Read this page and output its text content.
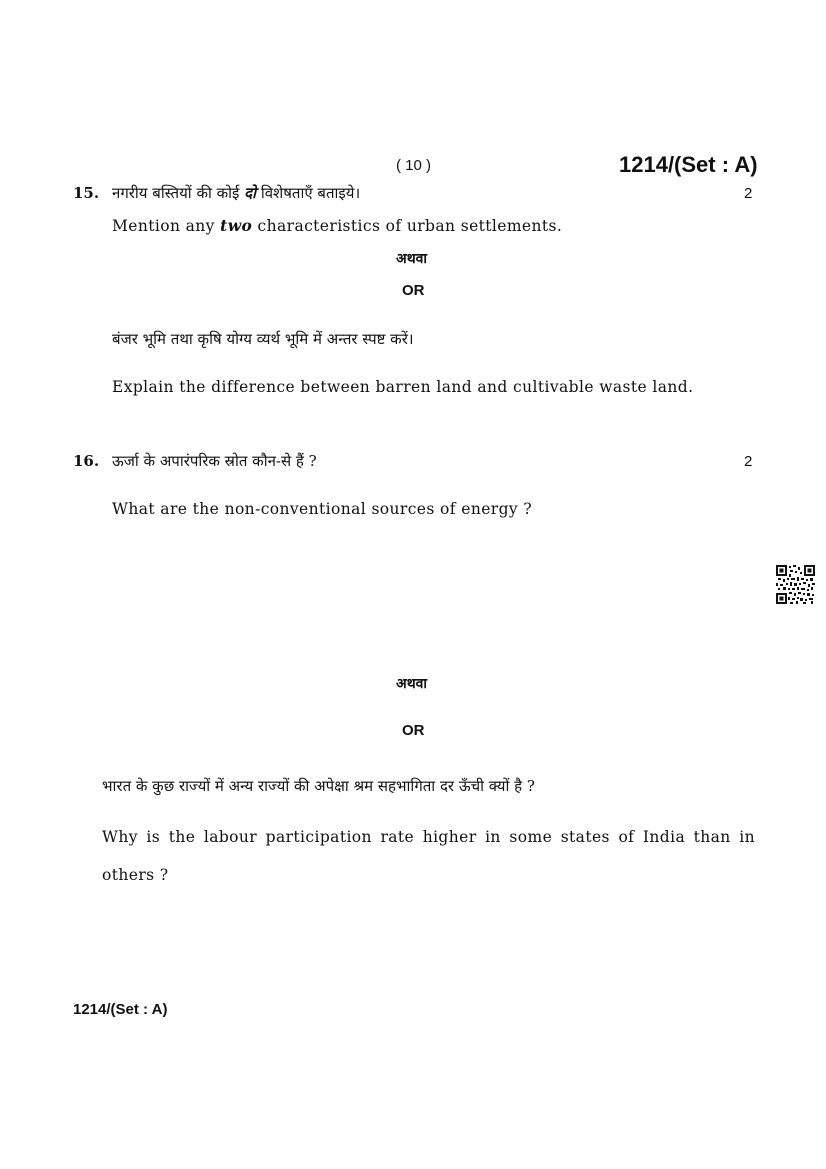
( 10 )	1214/(Set : A)
15. नगरीय बस्तियों की कोई दो विशेषताएँ बताइये।	2
Mention any two characteristics of urban settlements.
अथवा
OR
बंजर भूमि तथा कृषि योग्य व्यर्थ भूमि में अन्तर स्पष्ट करें।
Explain the difference between barren land and cultivable waste land.
16. ऊर्जा के अपारंपरिक स्रोत कौन-से हैं ?	2
What are the non-conventional sources of energy ?
अथवा
OR
भारत के कुछ राज्यों में अन्य राज्यों की अपेक्षा श्रम सहभागिता दर ऊँची क्यों है ?
Why is the labour participation rate higher in some states of India than in
others ?
1214/(Set : A)
